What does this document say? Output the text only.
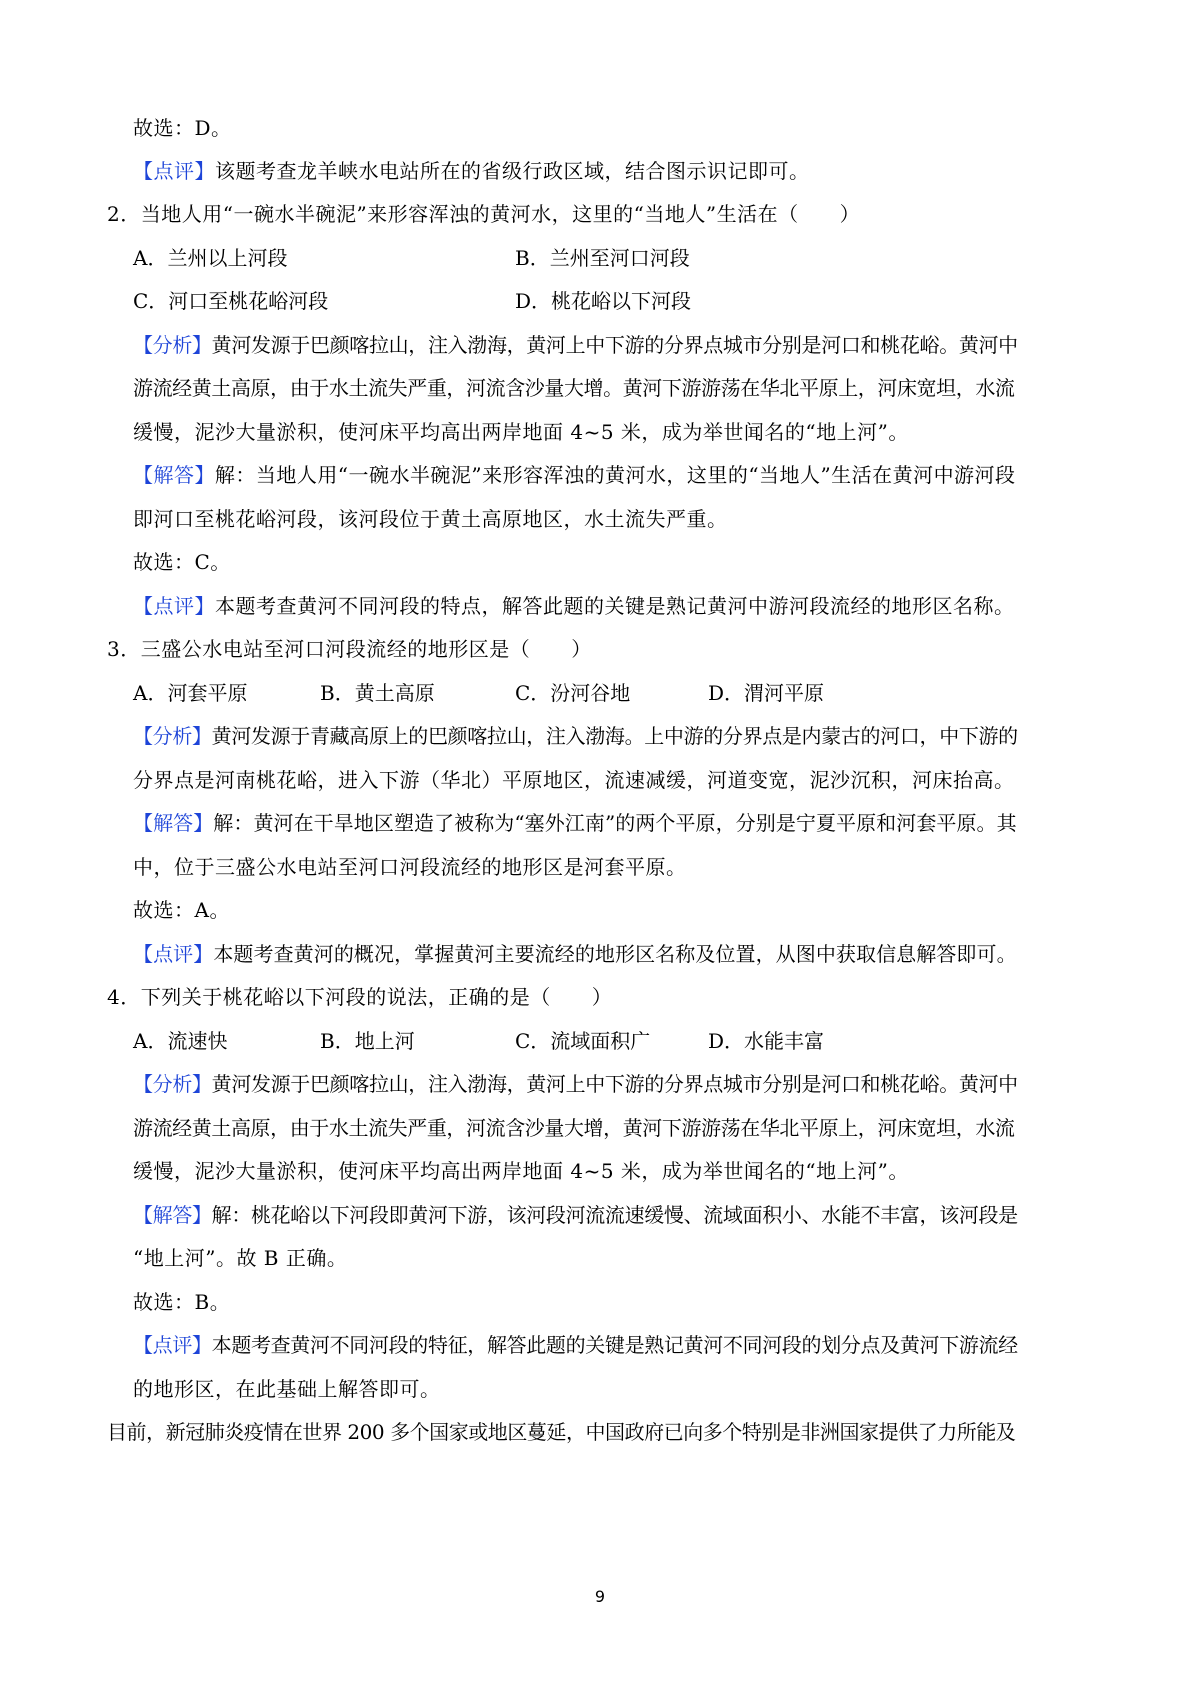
故选：D。
【点评】该题考查龙羊峡水电站所在的省级行政区域，结合图示识记即可。
2．当地人用“一碗水半碗泥”来形容浑浊的黄河水，这里的“当地人”生活在（　　）
A．兰州以上河段	B．兰州至河口河段
C．河口至桃花峪河段	D．桃花峪以下河段
【分析】黄河发源于巴颜喀拉山，注入渤海，黄河上中下游的分界点城市分别是河口和桃花峪。黄河中
游流经黄土高原，由于水土流失严重，河流含沙量大增。黄河下游游荡在华北平原上，河床宽坦，水流
缓慢，泥沙大量淤积，使河床平均高出两岸地面 4~5 米，成为举世闻名的“地上河”。
【解答】解：当地人用“一碗水半碗泥”来形容浑浊的黄河水，这里的“当地人”生活在黄河中游河段
即河口至桃花峪河段，该河段位于黄土高原地区，水土流失严重。
故选：C。
【点评】本题考查黄河不同河段的特点，解答此题的关键是熟记黄河中游河段流经的地形区名称。
3．三盛公水电站至河口河段流经的地形区是（　　）
A．河套平原	B．黄土高原	C．汾河谷地	D．渭河平原
【分析】黄河发源于青藏高原上的巴颜喀拉山，注入渤海。上中游的分界点是内蒙古的河口，中下游的
分界点是河南桃花峪，进入下游（华北）平原地区，流速减缓，河道变宽，泥沙沉积，河床抬高。
【解答】解：黄河在干旱地区塑造了被称为“塞外江南”的两个平原，分别是宁夏平原和河套平原。其
中，位于三盛公水电站至河口河段流经的地形区是河套平原。
故选：A。
【点评】本题考查黄河的概况，掌握黄河主要流经的地形区名称及位置，从图中获取信息解答即可。
4．下列关于桃花峪以下河段的说法，正确的是（　　）
A．流速快	B．地上河	C．流域面积广	D．水能丰富
【分析】黄河发源于巴颜喀拉山，注入渤海，黄河上中下游的分界点城市分别是河口和桃花峪。黄河中
游流经黄土高原，由于水土流失严重，河流含沙量大增，黄河下游游荡在华北平原上，河床宽坦，水流
缓慢，泥沙大量淤积，使河床平均高出两岸地面 4~5 米，成为举世闻名的“地上河”。
【解答】解：桃花峪以下河段即黄河下游，该河段河流流速缓慢、流域面积小、水能不丰富，该河段是
“地上河”。故 B 正确。
故选：B。
【点评】本题考查黄河不同河段的特征，解答此题的关键是熟记黄河不同河段的划分点及黄河下游流经
的地形区，在此基础上解答即可。
目前，新冠肺炎疫情在世界 200 多个国家或地区蔓延，中国政府已向多个特别是非洲国家提供了力所能及
9
